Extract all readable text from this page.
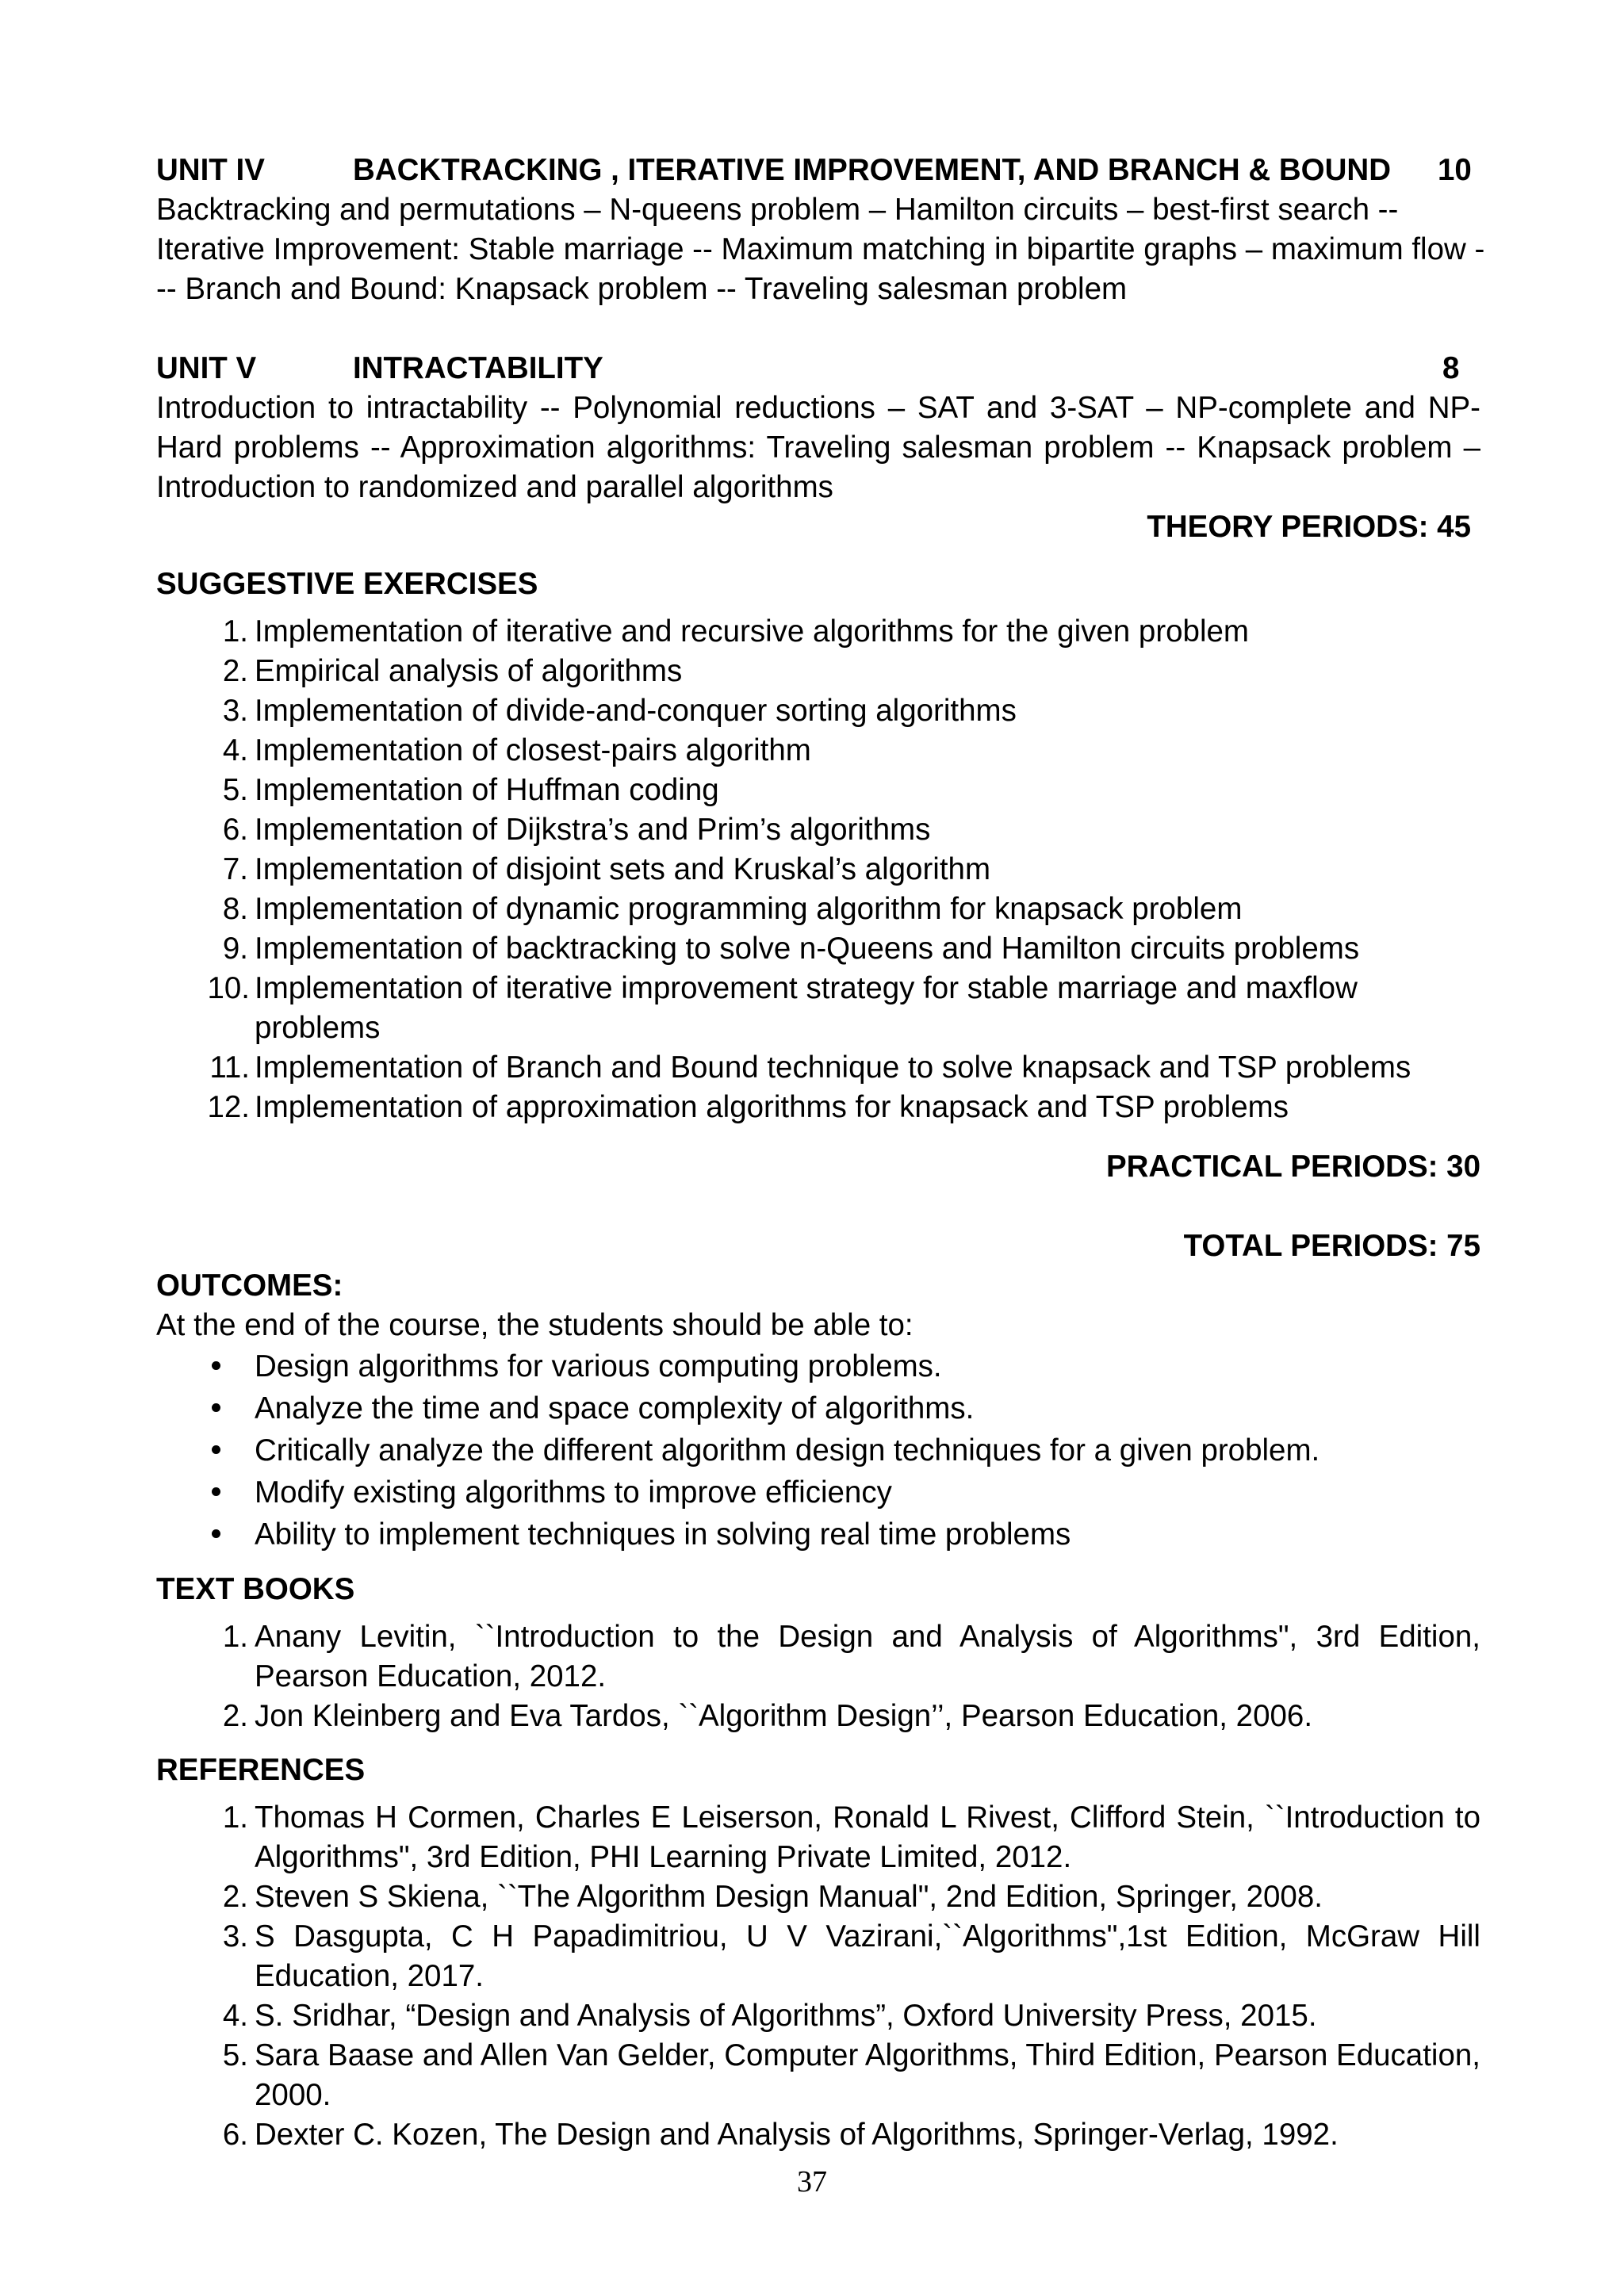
UNIT IV	BACKTRACKING , ITERATIVE IMPROVEMENT, AND BRANCH & BOUND 10
Backtracking and permutations – N-queens problem – Hamilton circuits – best-first search --
Iterative Improvement: Stable marriage -- Maximum matching in bipartite graphs – maximum flow -
-- Branch and Bound: Knapsack problem -- Traveling salesman problem
UNIT V	INTRACTABILITY	8
Introduction to intractability -- Polynomial reductions – SAT and 3-SAT – NP-complete and NP-
Hard problems -- Approximation algorithms: Traveling salesman problem -- Knapsack problem –
Introduction to randomized and parallel algorithms
THEORY PERIODS: 45
SUGGESTIVE EXERCISES
1. Implementation of iterative and recursive algorithms for the given problem
2. Empirical analysis of algorithms
3. Implementation of divide-and-conquer sorting algorithms
4. Implementation of closest-pairs algorithm
5. Implementation of Huffman coding
6. Implementation of Dijkstra’s and Prim’s algorithms
7. Implementation of disjoint sets and Kruskal’s algorithm
8. Implementation of dynamic programming algorithm for knapsack problem
9. Implementation of backtracking to solve n-Queens and Hamilton circuits problems
10. Implementation of iterative improvement strategy for stable marriage and maxflow problems
11. Implementation of Branch and Bound technique to solve knapsack and TSP problems
12. Implementation of approximation algorithms for knapsack and TSP problems
PRACTICAL PERIODS: 30
TOTAL PERIODS: 75
OUTCOMES:
At the end of the course, the students should be able to:
Design algorithms for various computing problems.
Analyze the time and space complexity of algorithms.
Critically analyze the different algorithm design techniques for a given problem.
Modify existing algorithms to improve efficiency
Ability to implement techniques in solving real time problems
TEXT BOOKS
1. Anany Levitin, ``Introduction to the Design and Analysis of Algorithms", 3rd Edition,
Pearson Education, 2012.
2. Jon Kleinberg and Eva Tardos, ``Algorithm Design’’, Pearson Education, 2006.
REFERENCES
1. Thomas H Cormen, Charles E Leiserson, Ronald L Rivest, Clifford Stein, ``Introduction to
Algorithms", 3rd Edition, PHI Learning Private Limited, 2012.
2. Steven S Skiena, ``The Algorithm Design Manual", 2nd Edition, Springer, 2008.
3. S Dasgupta, C H Papadimitriou, U V Vazirani,``Algorithms",1st Edition, McGraw Hill
Education, 2017.
4. S. Sridhar, “Design and Analysis of Algorithms”, Oxford University Press, 2015.
5. Sara Baase and Allen Van Gelder, Computer Algorithms, Third Edition, Pearson Education,
2000.
6. Dexter C. Kozen, The Design and Analysis of Algorithms, Springer-Verlag, 1992.
37
